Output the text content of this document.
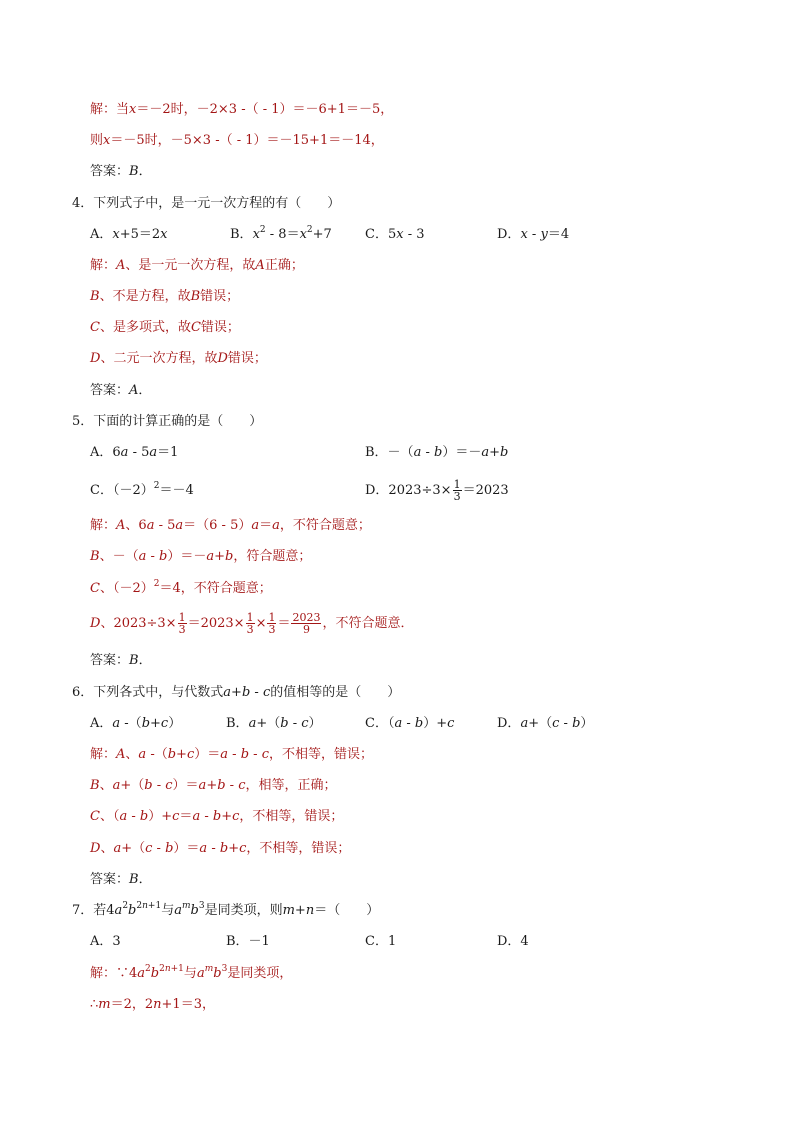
解：当x＝－2时，－2×3 -（ - 1）＝－6+1＝－5，
则x＝－5时，－5×3 -（ - 1）＝－15+1＝－14，
答案：B．
4．下列式子中，是一元一次方程的有（　　）
A．x+5＝2x	B．$x^2 - 8=x^2+7$	C．5x - 3	D．x - y＝4
解：A、是一元一次方程，故A正确；
B、不是方程，故B错误；
C、是多项式，故C错误；
D、二元一次方程，故D错误；
答案：A．
5．下面的计算正确的是（　　）
A．6a - 5a＝1	B．－（a - b）＝－a+b
C．$(-2)^2=-4$	D．$2023\div 3\times \frac{1}{3} =2023$
解：A、6a - 5a＝（6 - 5）a＝a，不符合题意；
B、－（a - b）＝－a+b，符合题意；
C、$(-2)^2=4$，不符合题意；
D、$2023\div 3\times \frac{1}{3} =2023\times \frac{1}{3} \times \frac{1}{3} = \frac{2023}{9}$ ，不符合题意．
答案：B．
6．下列各式中，与代数式a+b - c的值相等的是（　　）
A．a -（b+c）	B．a+（b - c）	C．（a - b）+c	D．a+（c - b）
解：A、a -（b+c）＝a - b - c，不相等，错误；
B、a+（b - c）＝a+b - c，相等，正确；
C、（a - b）+c＝a - b+c，不相等，错误；
D、a+（c - b）＝a - b+c，不相等，错误；
答案：B．
7．若$4a^2b^{2n+1}$与$a^mb^3$是同类项，则m+n＝（　　）
A．3	B．－1	C．1	D．4
解：$\because 4a^2b^{2n+1}$与$a^mb^3$是同类项，
∴m＝2，2n+1＝3，
